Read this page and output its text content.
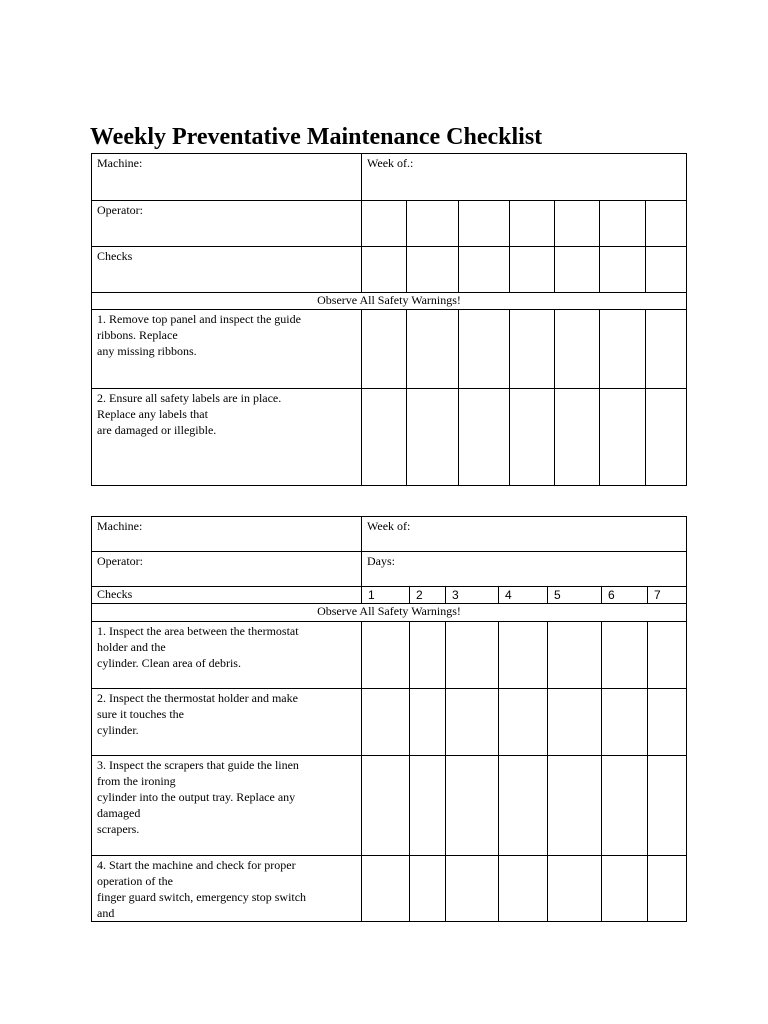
Weekly Preventative Maintenance Checklist
Machine:	Week of.:						
Operator:							
Checks							
Observe All Safety Warnings!							

1. Remove top panel and inspect the guide
ribbons. Replace
any missing ribbons.							

2. Ensure all safety labels are in place.
Replace any labels that
are damaged or illegible.							

Machine:	Week of:						
Operator:	Days:						
Checks	1	2	3	4	5	6	7
Observe All Safety Warnings!							

1. Inspect the area between the thermostat
holder and the
cylinder. Clean area of debris.							

2. Inspect the thermostat holder and make
sure it touches the
cylinder.							

3. Inspect the scrapers that guide the linen
from the ironing
cylinder into the output tray. Replace any
damaged
scrapers.							

4. Start the machine and check for proper
operation of the
finger guard switch, emergency stop switch
and							
